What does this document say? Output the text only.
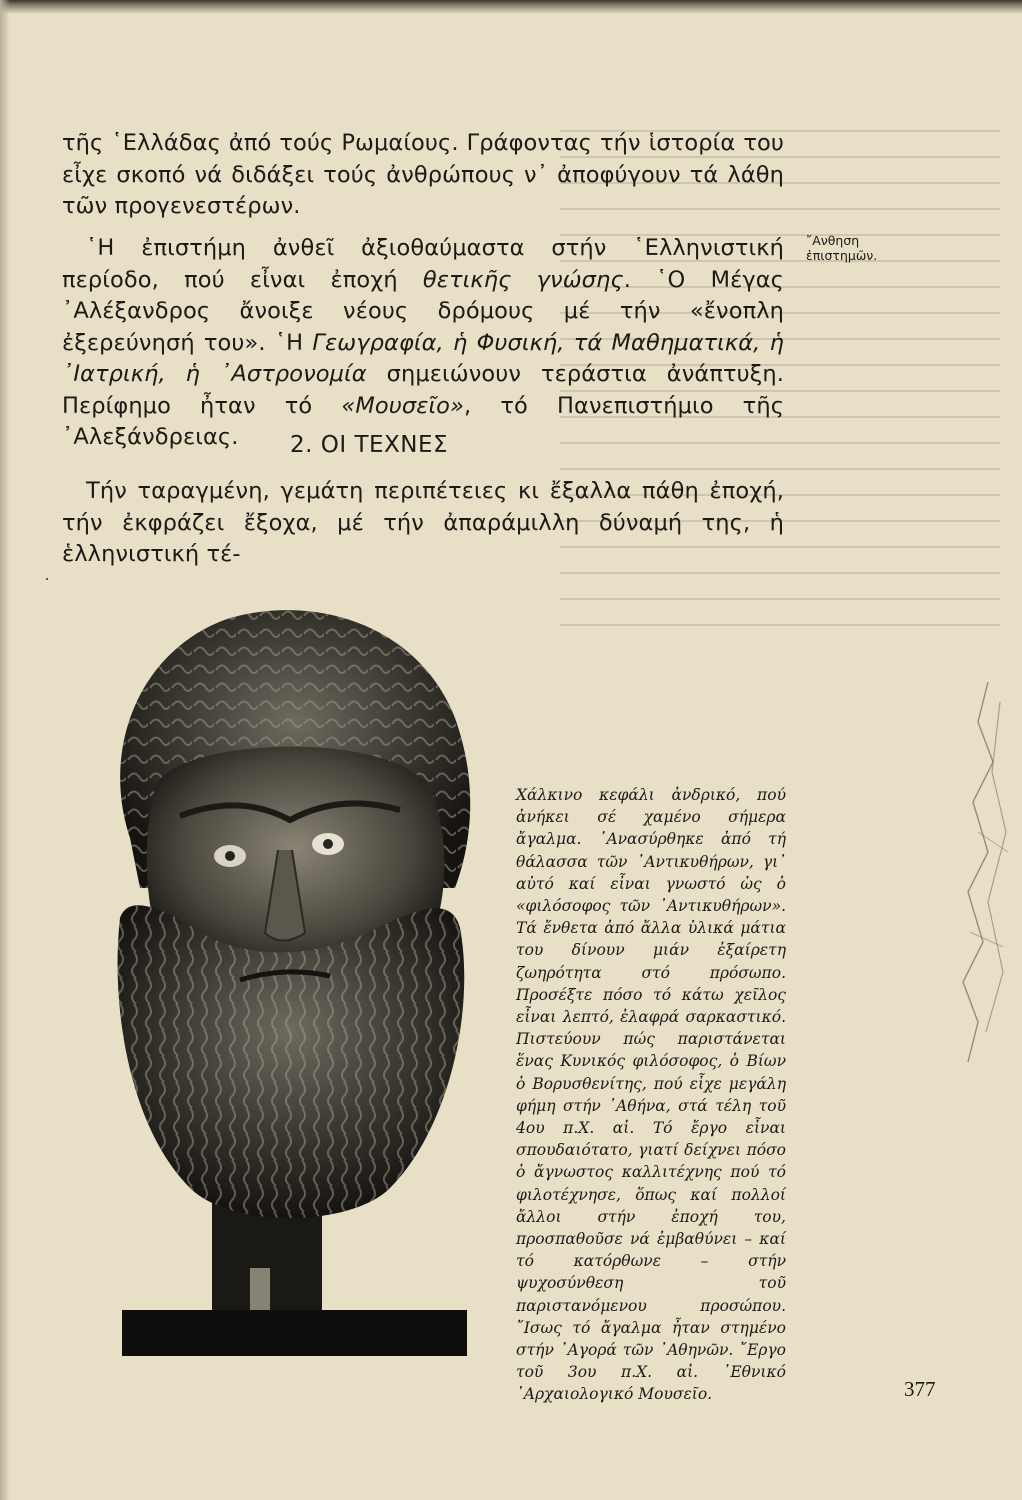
τῆς ῾Ελλάδας ἀπό τούς Ρωμαίους. Γράφοντας τήν ἱστορία του εἶχε σκοπό νά διδάξει τούς ἀνθρώπους ν᾿ ἀποφύγουν τά λάθη τῶν προγενεστέρων.

῾Η ἐπιστήμη ἀνθεῖ ἀξιοθαύμαστα στήν ῾Ελληνιστική περίοδο, πού εἶναι ἐποχή θετικῆς γνώσης. ῾Ο Μέγας ᾿Αλέξανδρος ἄνοιξε νέους δρόμους μέ τήν «ἔνοπλη ἐξερεύνησή του». ῾Η Γεωγραφία, ἡ Φυσική, τά Μαθηματικά, ἡ ᾿Ιατρική, ἡ ᾿Αστρονομία σημειώνουν τεράστια ἀνάπτυξη. Περίφημο ἦταν τό «Μουσεῖο», τό Πανεπιστήμιο τῆς ᾿Αλεξάνδρειας.

῎Ανθηση ἐπιστημῶν.
2. ΟΙ ΤΕΧΝΕΣ

Τήν ταραγμένη, γεμάτη περιπέτειες κι ἔξαλλα πάθη ἐποχή, τήν ἐκφράζει ἔξοχα, μέ τήν ἀπαράμιλλη δύναμή της, ἡ ἑλληνιστική τέ-

Χάλκινο κεφάλι ἀνδρικό, πού ἀνήκει σέ χαμένο σήμερα ἄγαλμα. ᾿Ανασύρθηκε ἀπό τή θάλασσα τῶν ᾿Αντικυθήρων, γι᾿ αὐτό καί εἶναι γνωστό ὡς ὁ «φιλόσοφος τῶν ᾿Αντικυθήρων». Τά ἔνθετα ἀπό ἄλλα ὑλικά μάτια του δίνουν μιάν ἐξαίρετη ζωηρότητα στό πρόσωπο. Προσέξτε πόσο τό κάτω χεῖλος εἶναι λεπτό, ἐλαφρά σαρκαστικό. Πιστεύουν πώς παριστάνεται ἕνας Κυνικός φιλόσοφος, ὁ Βίων ὁ Βορυσθενίτης, πού εἶχε μεγάλη φήμη στήν ᾿Αθήνα, στά τέλη τοῦ 4ου π.Χ. αἰ. Τό ἔργο εἶναι σπουδαιότατο, γιατί δείχνει πόσο ὁ ἄγνωστος καλλιτέχνης πού τό φιλοτέχνησε, ὅπως καί πολλοί ἄλλοι στήν ἐποχή του, προσπαθοῦσε νά ἐμβαθύνει – καί τό κατόρθωνε – στήν ψυχοσύνθεση τοῦ παριστανόμενου προσώπου. ῎Ισως τό ἄγαλμα ἦταν στημένο στήν ᾿Αγορά τῶν ᾿Αθηνῶν. ῎Εργο τοῦ 3ου π.Χ. αἰ. ᾿Εθνικό ᾿Αρχαιολογικό Μουσεῖο.	377
